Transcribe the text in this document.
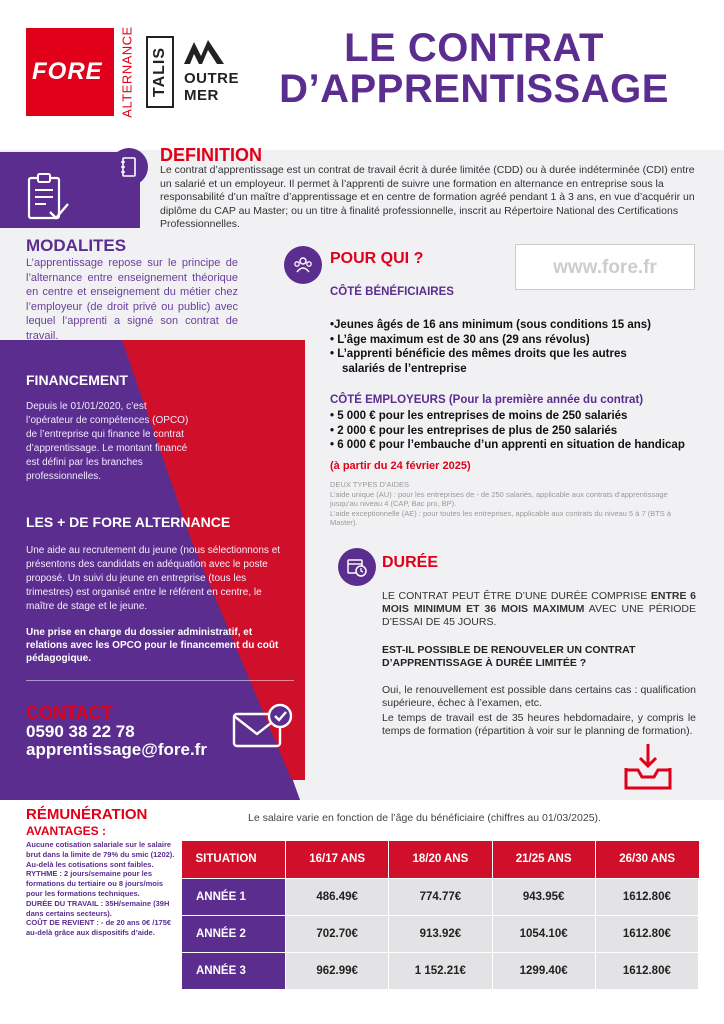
FORE ALTERNANCE TALIS OUTRE MER
LE CONTRAT
D’APPRENTISSAGE
DEFINITION
Le contrat d’apprentissage est un contrat de travail écrit à durée limitée (CDD) ou à durée indéterminée (CDI) entre un salarié et un employeur. Il permet à l’apprenti de suivre une formation en alternance en entreprise sous la responsabilité d’un maître d’apprentissage et en centre de formation agréé pendant 1 à 3 ans, en vue d’acquérir un diplôme du CAP au Master; ou un titre à finalité professionnelle, inscrit au Répertoire National des Certifications Professionnelles.
MODALITES
L’apprentissage repose sur le principe de l’alternance entre enseignement théorique en centre et enseignement du métier chez l’employeur (de droit privé ou public) avec lequel l’apprenti a signé son contrat de travail.
FINANCEMENT
Depuis le 01/01/2020, c’est l’opérateur de compétences (OPCO) de l’entreprise qui finance le contrat d’apprentissage. Le montant financé est défini par les branches professionnelles.
LES + DE FORE ALTERNANCE
Une aide au recrutement du jeune (nous sélectionnons et présentons des candidats en adéquation avec le poste proposé. Un suivi du jeune en entreprise (tous les trimestres) est organisé entre le référent en centre, le maître de stage et le jeune.
Une prise en charge du dossier administratif, et relations avec les OPCO pour le financement du coût pédagogique.
CONTACT
0590 38 22 78
apprentissage@fore.fr
POUR QUI ?	www.fore.fr
CÔTÉ BÉNÉFICIAIRES
•Jeunes âgés de 16 ans minimum (sous conditions 15 ans)
• L’âge maximum est de 30 ans (29 ans révolus)
• L’apprenti bénéficie des mêmes droits que les autres
salariés de l’entreprise
CÔTÉ EMPLOYEURS (Pour la première année du contrat)
• 5 000 € pour les entreprises de moins de 250 salariés
• 2 000 € pour les entreprises de plus de 250 salariés
• 6 000 € pour l’embauche d’un apprenti en situation de handicap
(à partir du 24 février 2025)
DEUX TYPES D’AIDES
L’aide unique (AU) : pour les entreprises de - de 250 salariés, applicable aux contrats d’apprentissage jusqu’au niveau 4 (CAP, Bac pro, BP).
L’aide exceptionnelle (AE) : pour toutes les entreprises, applicable aux contrats du niveau 5 à 7 (BTS à Master).
DURÉE
LE CONTRAT PEUT ÊTRE D’UNE DURÉE COMPRISE ENTRE 6 MOIS MINIMUM ET 36 MOIS MAXIMUM AVEC UNE PÉRIODE D’ESSAI DE 45 JOURS.
EST-IL POSSIBLE DE RENOUVELER UN CONTRAT D’APPRENTISSAGE À DURÉE LIMITÉE ?
Oui, le renouvellement est possible dans certains cas : qualification supérieure, échec à l’examen, etc.
Le temps de travail est de 35 heures hebdomadaire, y compris le temps de formation (répartition à voir sur le planning de formation).
RÉMUNÉRATION
AVANTAGES :
Aucune cotisation salariale sur le salaire brut dans la limite de 79% du smic (1202). Au-delà les cotisations sont faibles.
RYTHME : 2 jours/semaine pour les formations du tertiaire ou 8 jours/mois pour les formations techniques.
DURÉE DU TRAVAIL : 35H/semaine (39H dans certains secteurs).
COÛT DE REVIENT : - de 20 ans 0€ /175€ au-delà grâce aux dispositifs d’aide.
Le salaire varie en fonction de l’âge du bénéficiaire (chiffres au 01/03/2025).
SITUATION	16/17 ANS	18/20 ANS	21/25 ANS	26/30 ANS
ANNÉE 1	486.49€	774.77€	943.95€	1612.80€
ANNÉE 2	702.70€	913.92€	1054.10€	1612.80€
ANNÉE 3	962.99€	1 152.21€	1299.40€	1612.80€
